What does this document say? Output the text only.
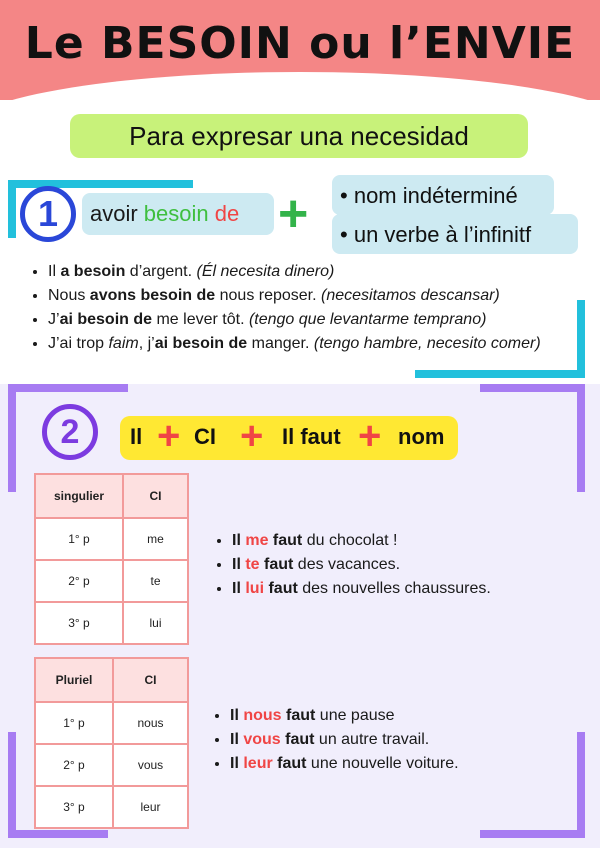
Le BESOIN ou l’ENVIE
Para expresar una necesidad
1	avoir besoin de + • nom indéterminé
• un verbe à l’infinitf
• Il a besoin d’argent. (Él necesita dinero)
• Nous avons besoin de nous reposer. (necesitamos descansar)
• J’ai besoin de me lever tôt. (tengo que levantarme temprano)
• J’ai trop faim, j’ai besoin de manger. (tengo hambre, necesito comer)
2	Il + CI + Il faut + nom
singulier	CI
1° p	me
2° p	te
3° p	lui
• Il me faut du chocolat !
• Il te faut des vacances.
• Il lui faut des nouvelles chaussures.
Pluriel	CI
1° p	nous
2° p	vous
3° p	leur
• Il nous faut une pause
• Il vous faut un autre travail.
• Il leur faut une nouvelle voiture.
